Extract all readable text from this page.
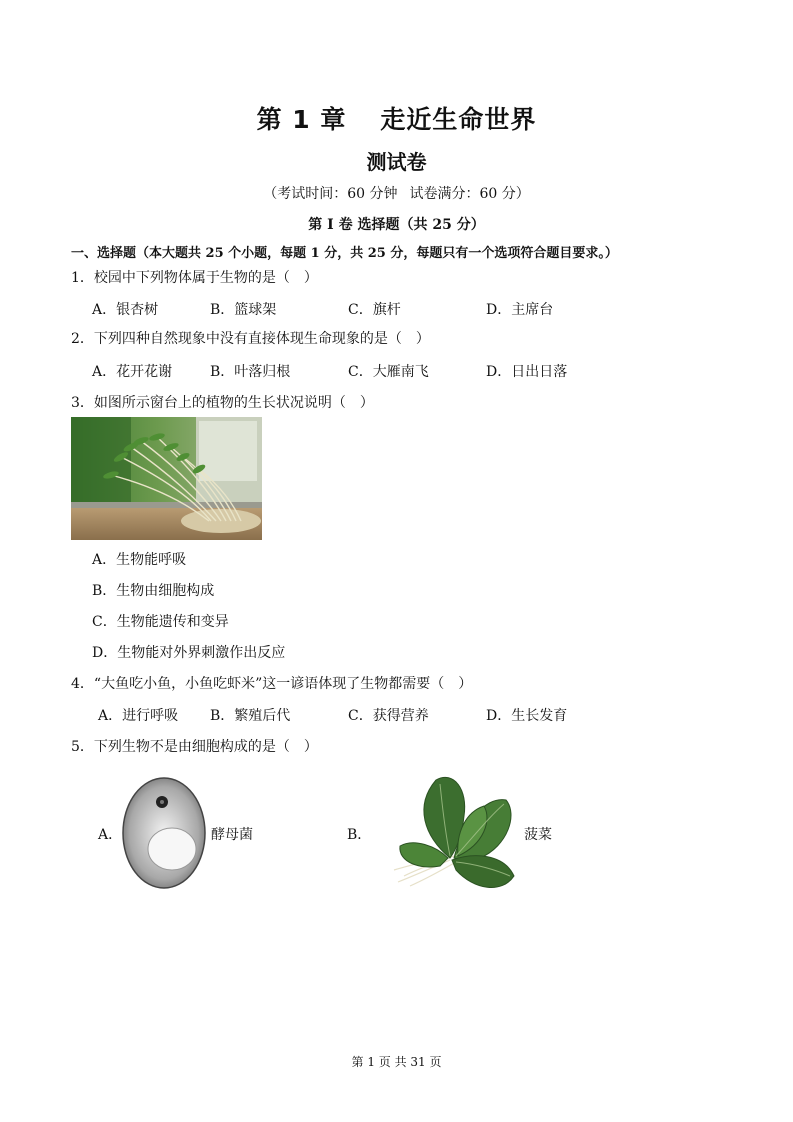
第 1 章 走近生命世界
测试卷
（考试时间：60 分钟 试卷满分：60 分）
第 I 卷 选择题（共 25 分）
一、选择题（本大题共 25 个小题，每题 1 分，共 25 分，每题只有一个选项符合题目要求。）
1．校园中下列物体属于生物的是（　）
A．银杏树	B．篮球架	C．旗杆	D．主席台
2．下列四种自然现象中没有直接体现生命现象的是（　）
A．花开花谢	B．叶落归根	C．大雁南飞	D．日出日落
3．如图所示窗台上的植物的生长状况说明（　）
A．生物能呼吸
B．生物由细胞构成
C．生物能遗传和变异
D．生物能对外界刺激作出反应
4．“大鱼吃小鱼，小鱼吃虾米”这一谚语体现了生物都需要（　）
A．进行呼吸 B．繁殖后代	C．获得营养	D．生长发育
5．下列生物不是由细胞构成的是（　）
A．	酵母菌	B．	菠菜
第 1 页 共 31 页
